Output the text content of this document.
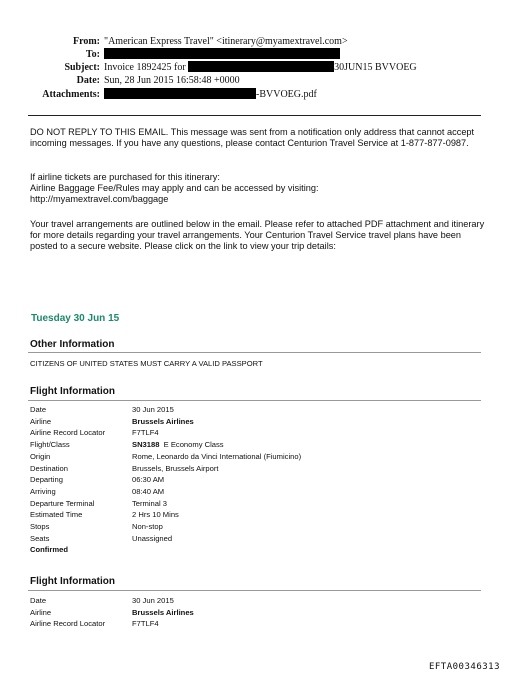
From: "American Express Travel" <itinerary@myamextravel.com>
To:
Subject: Invoice 1892425 for	30JUN15 BVVOEG
Date: Sun, 28 Jun 2015 16:58:48 +0000
Attachments:	-BVVOEG.pdf
DO NOT REPLY TO THIS EMAIL. This message was sent from a notification only address that cannot accept incoming messages. If you have any questions, please contact Centurion Travel Service at 1-877-877-0987.
If airline tickets are purchased for this itinerary:
Airline Baggage Fee/Rules may apply and can be accessed by visiting:
http://myamextravel.com/baggage
Your travel arrangements are outlined below in the email. Please refer to attached PDF attachment and itinerary for more details regarding your travel arrangements. Your Centurion Travel Service travel plans have been posted to a secure website. Please click on the link to view your trip details:
Tuesday 30 Jun 15
Other Information
CITIZENS OF UNITED STATES MUST CARRY A VALID PASSPORT
Flight Information
Date	30 Jun 2015
Airline	Brussels Airlines
Airline Record Locator	F7TLF4
Flight/Class	SN3188  E Economy Class
Origin	Rome, Leonardo da Vinci International (Fiumicino)
Destination	Brussels, Brussels Airport
Departing	06:30 AM
Arriving	08:40 AM
Departure Terminal	Terminal 3
Estimated Time	2 Hrs 10 Mins
Stops	Non-stop
Seats	Unassigned
Confirmed	
Flight Information
Date	30 Jun 2015
Airline	Brussels Airlines
Airline Record Locator	F7TLF4
EFTA00346313
